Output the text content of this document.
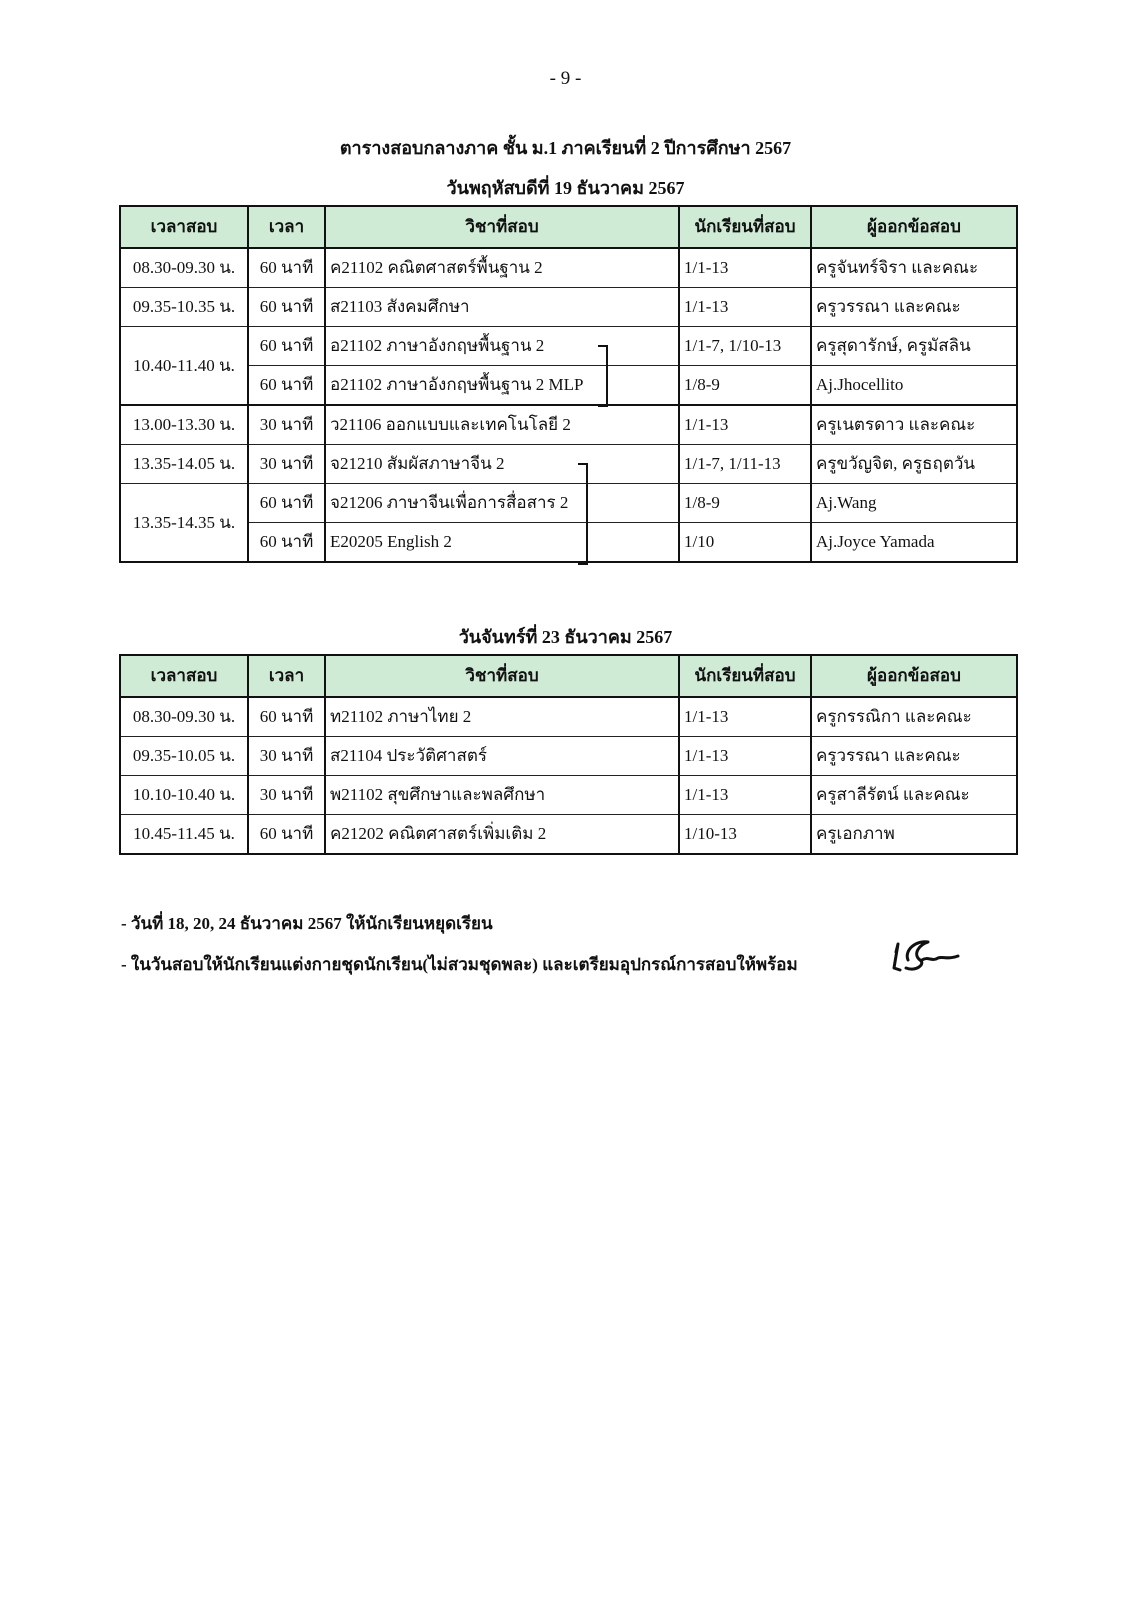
- 9 -
ตารางสอบกลางภาค ชั้น ม.1 ภาคเรียนที่ 2 ปีการศึกษา 2567
วันพฤหัสบดีที่ 19 ธันวาคม 2567
เวลาสอบ	เวลา	วิชาที่สอบ	นักเรียนที่สอบ	ผู้ออกข้อสอบ
08.30-09.30 น.	60 นาที	ค21102 คณิตศาสตร์พื้นฐาน 2	1/1-13	ครูจันทร์จิรา และคณะ
09.35-10.35 น.	60 นาที	ส21103 สังคมศึกษา	1/1-13	ครูวรรณา และคณะ
10.40-11.40 น.	60 นาที	อ21102 ภาษาอังกฤษพื้นฐาน 2	1/1-7, 1/10-13	ครูสุดารักษ์, ครูมัสลิน
	60 นาที	อ21102 ภาษาอังกฤษพื้นฐาน 2 MLP	1/8-9	Aj.Jhocellito
13.00-13.30 น.	30 นาที	ว21106 ออกแบบและเทคโนโลยี 2	1/1-13	ครูเนตรดาว และคณะ
13.35-14.05 น.	30 นาที	จ21210 สัมผัสภาษาจีน 2	1/1-7, 1/11-13	ครูขวัญจิต, ครูธฤตวัน
13.35-14.35 น.	60 นาที	จ21206 ภาษาจีนเพื่อการสื่อสาร 2	1/8-9	Aj.Wang
	60 นาที	E20205 English 2	1/10	Aj.Joyce Yamada
วันจันทร์ที่ 23 ธันวาคม 2567
เวลาสอบ	เวลา	วิชาที่สอบ	นักเรียนที่สอบ	ผู้ออกข้อสอบ
08.30-09.30 น.	60 นาที	ท21102 ภาษาไทย 2	1/1-13	ครูกรรณิกา และคณะ
09.35-10.05 น.	30 นาที	ส21104 ประวัติศาสตร์	1/1-13	ครูวรรณา และคณะ
10.10-10.40 น.	30 นาที	พ21102 สุขศึกษาและพลศึกษา	1/1-13	ครูสาลีรัตน์ และคณะ
10.45-11.45 น.	60 นาที	ค21202 คณิตศาสตร์เพิ่มเติม 2	1/10-13	ครูเอกภาพ
- วันที่ 18, 20, 24 ธันวาคม 2567 ให้นักเรียนหยุดเรียน
- ในวันสอบให้นักเรียนแต่งกายชุดนักเรียน(ไม่สวมชุดพละ) และเตรียมอุปกรณ์การสอบให้พร้อม
